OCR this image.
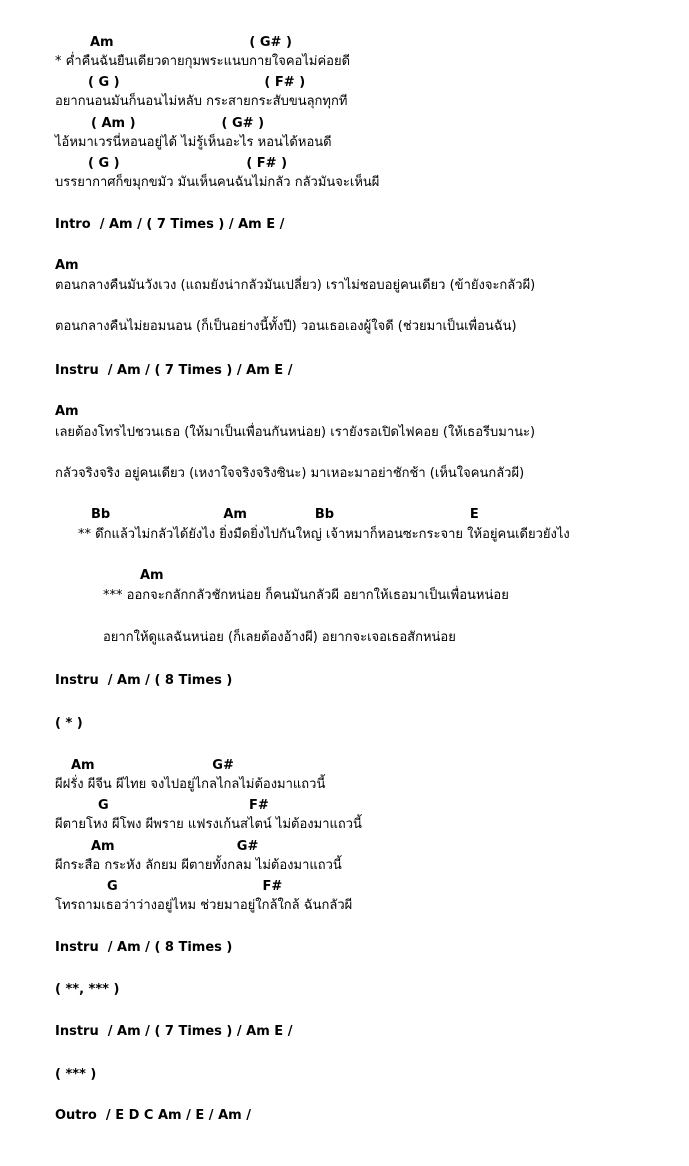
Am                              ( G# )
* ค่ำคืนฉันยืนเดียวดายกุมพระแนบกายใจคอไม่ค่อยดี
( G )                                ( F# )
อยากนอนมันก็นอนไม่หลับ กระสายกระสับขนลุกทุกที
( Am )                   ( G# )
ไอ้หมาเวรนี่หอนอยู่ได้ ไม่รู้เห็นอะไร หอนได้หอนดี
( G )                            ( F# )
บรรยากาศก็ขมุกขมัว มันเห็นคนฉันไม่กลัว กลัวมันจะเห็นผี
Intro  / Am / ( 7 Times ) / Am E /
Am
ตอนกลางคืนมันวังเวง (แถมยังน่ากลัวมันเปลี่ยว) เราไม่ชอบอยู่คนเดียว (ข้ายังจะกลัวผี)
ตอนกลางคืนไม่ยอมนอน (ก็เป็นอย่างนี้ทั้งปี) วอนเธอเองผู้ใจดี (ช่วยมาเป็นเพื่อนฉัน)
Instru  / Am / ( 7 Times ) / Am E /
Am
เลยต้องโทรไปชวนเธอ (ให้มาเป็นเพื่อนกันหน่อย) เรายังรอเปิดไฟคอย (ให้เธอรีบมานะ)
กลัวจริงจริง อยู่คนเดียว (เหงาใจจริงจริงซินะ) มาเหอะมาอย่าชักช้า (เห็นใจคนกลัวผี)
Bb                         Am               Bb                              E
** ดึกแล้วไม่กลัวได้ยังไง ยิ่งมืดยิ่งไปกันใหญ่ เจ้าหมาก็หอนซะกระจาย ให้อยู่คนเดียวยังไง
Am
*** ออกจะกลักกลัวชักหน่อย ก็คนมันกลัวผี อยากให้เธอมาเป็นเพื่อนหน่อย
อยากให้ดูแลฉันหน่อย (ก็เลยต้องอ้างผี) อยากจะเจอเธอสักหน่อย
Instru  / Am / ( 8 Times )
( * )
Am                          G#
ผีฝรั่ง ผีจีน ผีไทย จงไปอยู่ไกลไกลไม่ต้องมาแถวนี้
G                               F#
ผีตายโหง ผีโพง ผีพราย แฟรงเก้นสไตน์ ไม่ต้องมาแถวนี้
Am                           G#
ผีกระสือ กระหัง ลักยม ผีตายทั้งกลม ไม่ต้องมาแถวนี้
G                                F#
โทรถามเธอว่าว่างอยู่ไหม ช่วยมาอยู่ใกล้ใกล้ ฉันกลัวผี
Instru  / Am / ( 8 Times )
( **, *** )
Instru  / Am / ( 7 Times ) / Am E /
( *** )
Outro  / E D C Am / E / Am /
